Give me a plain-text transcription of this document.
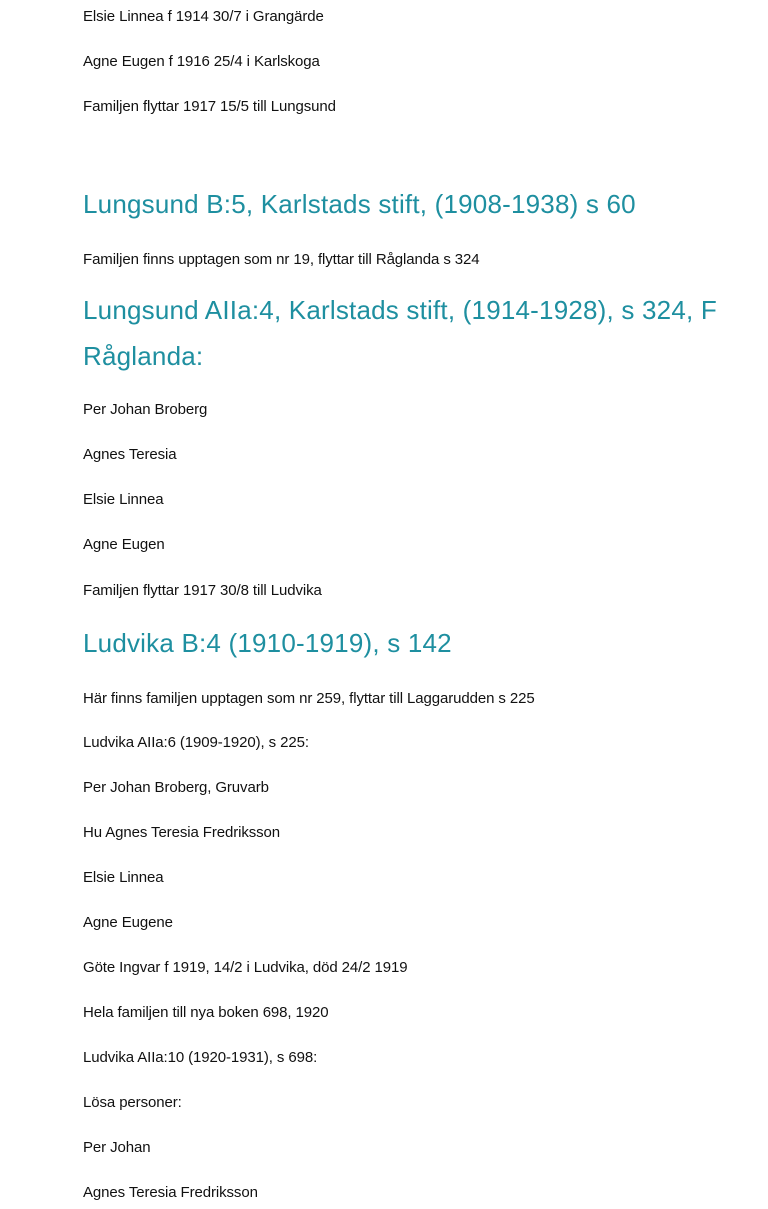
Elsie Linnea f 1914 30/7 i Grangärde
Agne Eugen f 1916 25/4 i Karlskoga
Familjen flyttar 1917 15/5 till Lungsund
Lungsund B:5, Karlstads stift, (1908-1938) s 60
Familjen finns upptagen som nr 19, flyttar till Råglanda s 324
Lungsund AIIa:4, Karlstads stift, (1914-1928), s 324, F
Råglanda:
Per Johan Broberg
Agnes Teresia
Elsie Linnea
Agne Eugen
Familjen flyttar 1917 30/8 till Ludvika
Ludvika B:4 (1910-1919), s 142
Här finns familjen upptagen som nr 259, flyttar till Laggarudden s 225
Ludvika AIIa:6 (1909-1920), s 225:
Per Johan Broberg, Gruvarb
Hu Agnes Teresia Fredriksson
Elsie Linnea
Agne Eugene
Göte Ingvar f 1919, 14/2 i Ludvika, död 24/2 1919
Hela familjen till nya boken 698, 1920
Ludvika AIIa:10 (1920-1931), s 698:
Lösa personer:
Per Johan
Agnes Teresia Fredriksson
